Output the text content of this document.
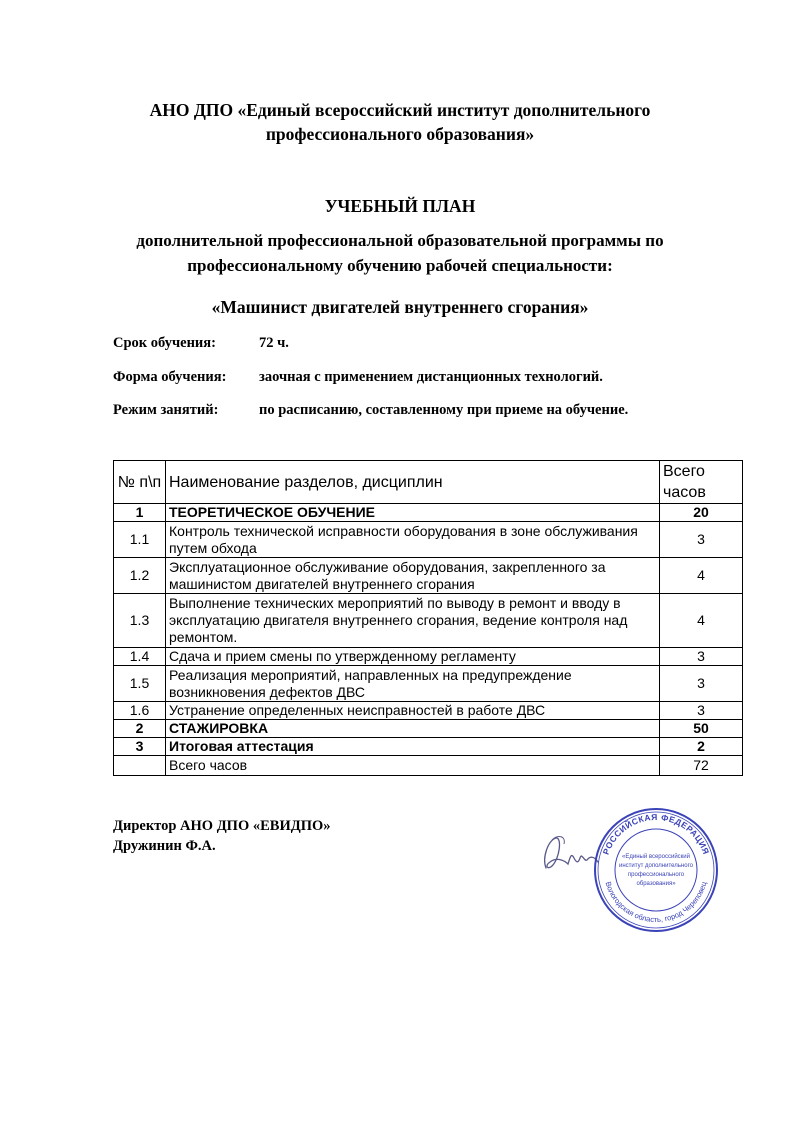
АНО ДПО «Единый всероссийский институт дополнительного
профессионального образования»
УЧЕБНЫЙ ПЛАН
дополнительной профессиональной образовательной программы по
профессиональному обучению рабочей специальности:
«Машинист двигателей внутреннего сгорания»
Срок обучения:	72 ч.
Форма обучения: заочная с применением дистанционных технологий.
Режим занятий:	по расписанию, составленному при приеме на обучение.
№ п\п	Наименование разделов, дисциплин	Всего часов
1	ТЕОРЕТИЧЕСКОЕ ОБУЧЕНИЕ	20
1.1	Контроль технической исправности оборудования в зоне обслуживания путем обхода	3
1.2	Эксплуатационное обслуживание оборудования, закрепленного за машинистом двигателей внутреннего сгорания	4
1.3	Выполнение технических мероприятий по выводу в ремонт и вводу в эксплуатацию двигателя внутреннего сгорания, ведение контроля над ремонтом.	4
1.4	Сдача и прием смены по утвержденному регламенту	3
1.5	Реализация мероприятий, направленных на предупреждение возникновения дефектов ДВС	3
1.6	Устранение определенных неисправностей в работе ДВС	3
2	СТАЖИРОВКА	50
3	Итоговая аттестация	2
	Всего часов	72
Директор АНО ДПО «ЕВИДПО»
Дружинин Ф.А.	РОССИЙСКАЯ ФЕДЕРАЦИЯ
Вологодская область, город Череповец
«Единый всероссийский
институт дополнительного
профессионального
образования»
